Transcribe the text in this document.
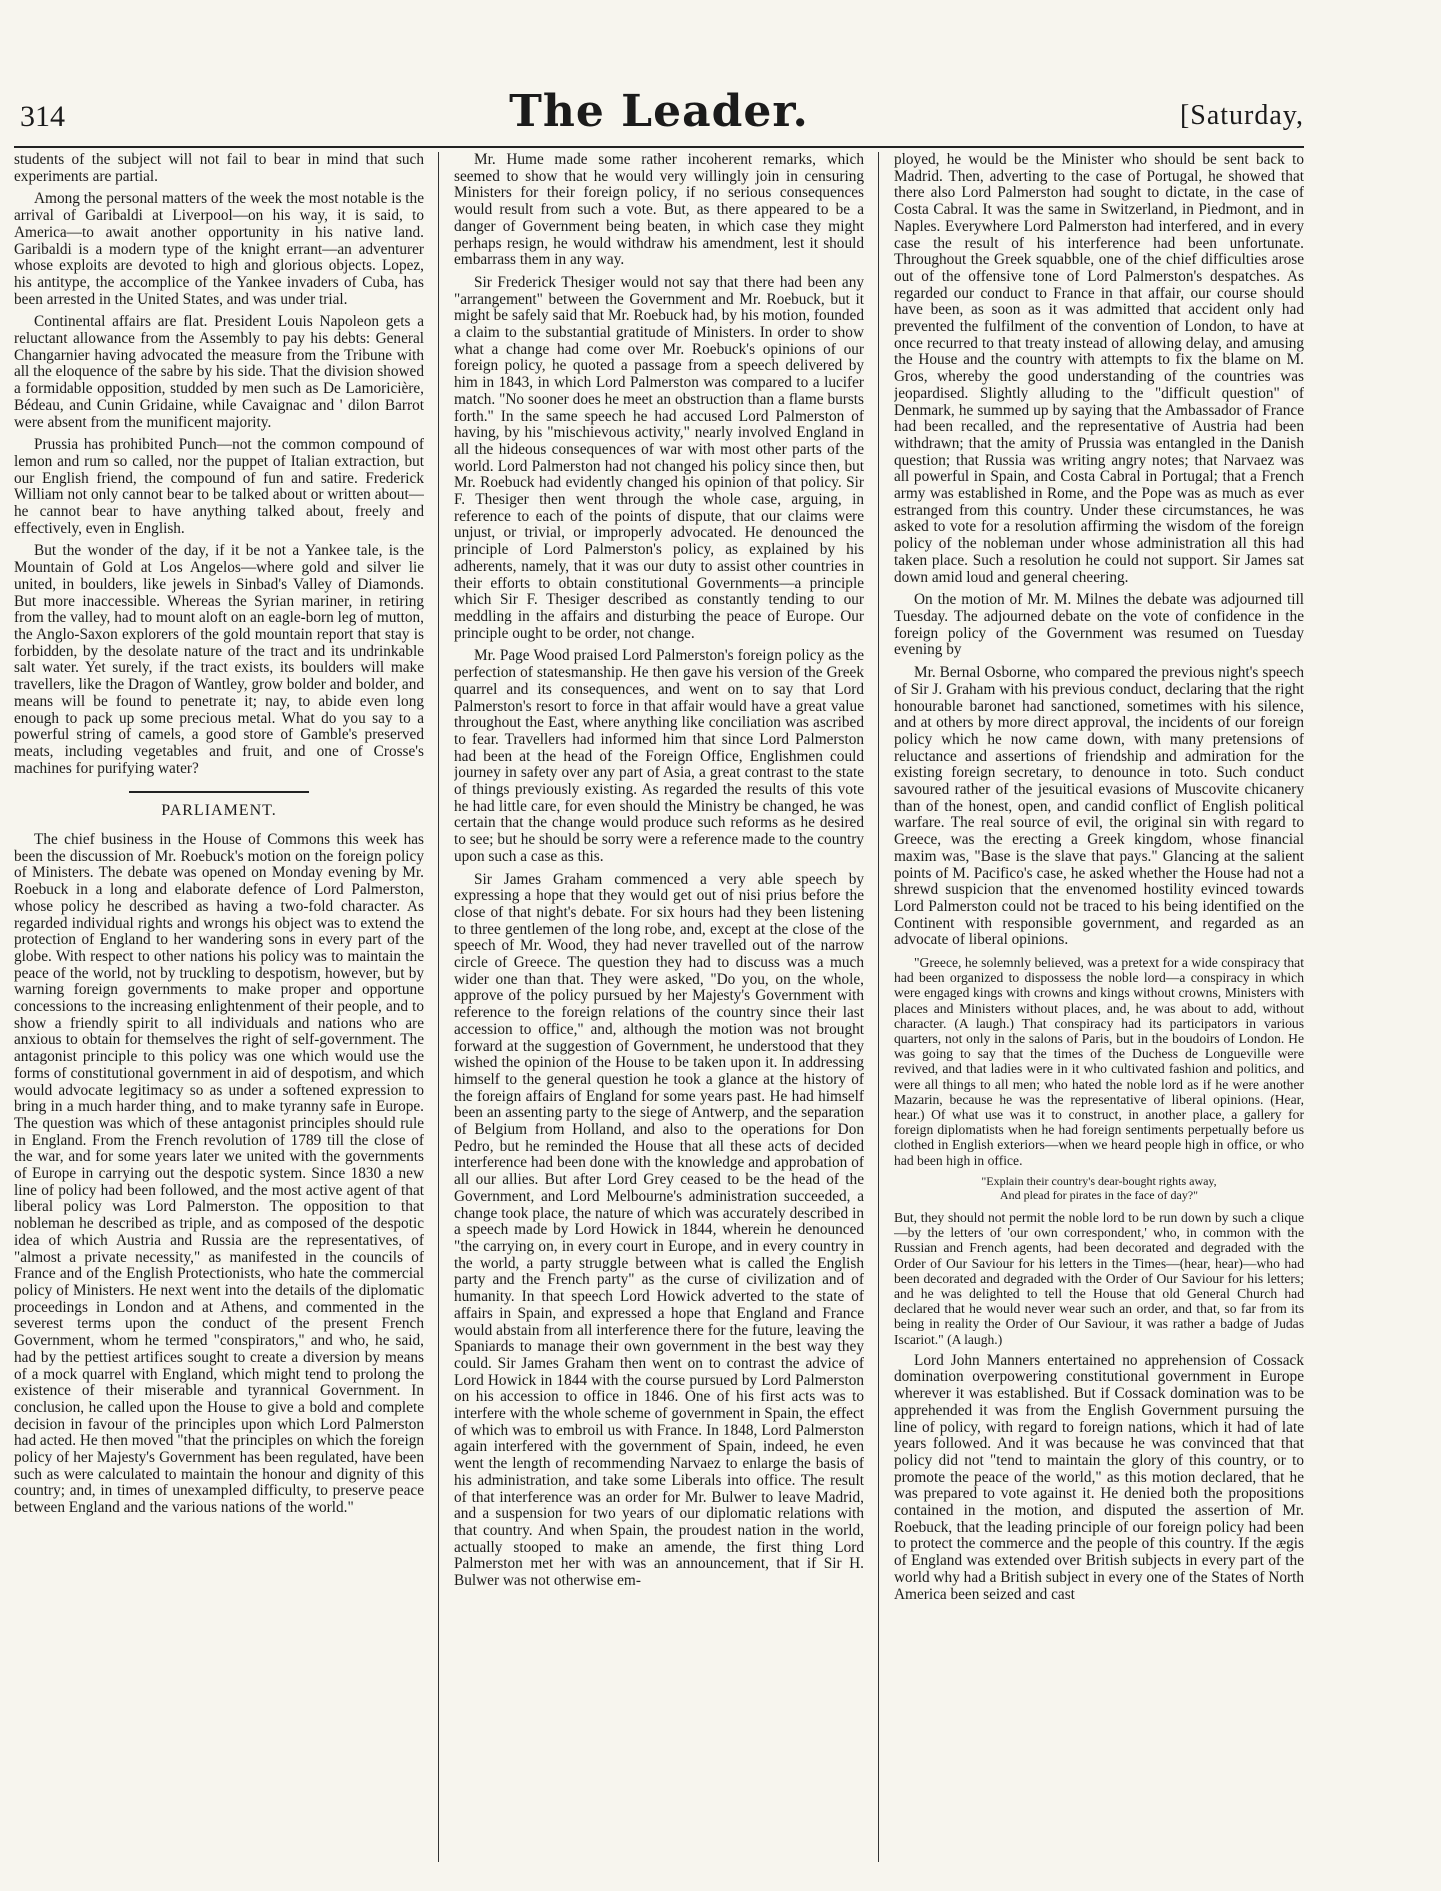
314	The Leader.	[Saturday,

students of the subject will not fail to bear in mind that such experiments are partial.

Among the personal matters of the week the most notable is the arrival of Garibaldi at Liverpool—on his way, it is said, to America—to await another opportunity in his native land. Garibaldi is a modern type of the knight errant—an adventurer whose exploits are devoted to high and glorious objects. Lopez, his antitype, the accomplice of the Yankee invaders of Cuba, has been arrested in the United States, and was under trial.

Continental affairs are flat. President Louis Napoleon gets a reluctant allowance from the Assembly to pay his debts: General Changarnier having advocated the measure from the Tribune with all the eloquence of the sabre by his side. That the division showed a formidable opposition, studded by men such as De Lamoricière, Bédeau, and Cunin Gridaine, while Cavaignac and ' dilon Barrot were absent from the munificent majority.

Prussia has prohibited Punch—not the common compound of lemon and rum so called, nor the puppet of Italian extraction, but our English friend, the compound of fun and satire. Frederick William not only cannot bear to be talked about or written about—he cannot bear to have anything talked about, freely and effectively, even in English.

But the wonder of the day, if it be not a Yankee tale, is the Mountain of Gold at Los Angelos—where gold and silver lie united, in boulders, like jewels in Sinbad's Valley of Diamonds. But more inaccessible. Whereas the Syrian mariner, in retiring from the valley, had to mount aloft on an eagle-born leg of mutton, the Anglo-Saxon explorers of the gold mountain report that stay is forbidden, by the desolate nature of the tract and its undrinkable salt water. Yet surely, if the tract exists, its boulders will make travellers, like the Dragon of Wantley, grow bolder and bolder, and means will be found to penetrate it; nay, to abide even long enough to pack up some precious metal. What do you say to a powerful string of camels, a good store of Gamble's preserved meats, including vegetables and fruit, and one of Crosse's machines for purifying water?

PARLIAMENT.

The chief business in the House of Commons this week has been the discussion of Mr. Roebuck's motion on the foreign policy of Ministers. The debate was opened on Monday evening by Mr. Roebuck in a long and elaborate defence of Lord Palmerston, whose policy he described as having a two-fold character. As regarded individual rights and wrongs his object was to extend the protection of England to her wandering sons in every part of the globe. With respect to other nations his policy was to maintain the peace of the world, not by truckling to despotism, however, but by warning foreign governments to make proper and opportune concessions to the increasing enlightenment of their people, and to show a friendly spirit to all individuals and nations who are anxious to obtain for themselves the right of self-government. The antagonist principle to this policy was one which would use the forms of constitutional government in aid of despotism, and which would advocate legitimacy so as under a softened expression to bring in a much harder thing, and to make tyranny safe in Europe. The question was which of these antagonist principles should rule in England. From the French revolution of 1789 till the close of the war, and for some years later we united with the governments of Europe in carrying out the despotic system. Since 1830 a new line of policy had been followed, and the most active agent of that liberal policy was Lord Palmerston. The opposition to that nobleman he described as triple, and as composed of the despotic idea of which Austria and Russia are the representatives, of "almost a private necessity," as manifested in the councils of France and of the English Protectionists, who hate the commercial policy of Ministers. He next went into the details of the diplomatic proceedings in London and at Athens, and commented in the severest terms upon the conduct of the present French Government, whom he termed "conspirators," and who, he said, had by the pettiest artifices sought to create a diversion by means of a mock quarrel with England, which might tend to prolong the existence of their miserable and tyrannical Government. In conclusion, he called upon the House to give a bold and complete decision in favour of the principles upon which Lord Palmerston had acted. He then moved "that the principles on which the foreign policy of her Majesty's Government has been regulated, have been such as were calculated to maintain the honour and dignity of this country; and, in times of unexampled difficulty, to preserve peace between England and the various nations of the world."

Mr. Hume made some rather incoherent remarks, which seemed to show that he would very willingly join in censuring Ministers for their foreign policy, if no serious consequences would result from such a vote. But, as there appeared to be a danger of Government being beaten, in which case they might perhaps resign, he would withdraw his amendment, lest it should embarrass them in any way.

Sir Frederick Thesiger would not say that there had been any "arrangement" between the Government and Mr. Roebuck, but it might be safely said that Mr. Roebuck had, by his motion, founded a claim to the substantial gratitude of Ministers. In order to show what a change had come over Mr. Roebuck's opinions of our foreign policy, he quoted a passage from a speech delivered by him in 1843, in which Lord Palmerston was compared to a lucifer match. "No sooner does he meet an obstruction than a flame bursts forth." In the same speech he had accused Lord Palmerston of having, by his "mischievous activity," nearly involved England in all the hideous consequences of war with most other parts of the world. Lord Palmerston had not changed his policy since then, but Mr. Roebuck had evidently changed his opinion of that policy. Sir F. Thesiger then went through the whole case, arguing, in reference to each of the points of dispute, that our claims were unjust, or trivial, or improperly advocated. He denounced the principle of Lord Palmerston's policy, as explained by his adherents, namely, that it was our duty to assist other countries in their efforts to obtain constitutional Governments—a principle which Sir F. Thesiger described as constantly tending to our meddling in the affairs and disturbing the peace of Europe. Our principle ought to be order, not change.

Mr. Page Wood praised Lord Palmerston's foreign policy as the perfection of statesmanship. He then gave his version of the Greek quarrel and its consequences, and went on to say that Lord Palmerston's resort to force in that affair would have a great value throughout the East, where anything like conciliation was ascribed to fear. Travellers had informed him that since Lord Palmerston had been at the head of the Foreign Office, Englishmen could journey in safety over any part of Asia, a great contrast to the state of things previously existing. As regarded the results of this vote he had little care, for even should the Ministry be changed, he was certain that the change would produce such reforms as he desired to see; but he should be sorry were a reference made to the country upon such a case as this.

Sir James Graham commenced a very able speech by expressing a hope that they would get out of nisi prius before the close of that night's debate. For six hours had they been listening to three gentlemen of the long robe, and, except at the close of the speech of Mr. Wood, they had never travelled out of the narrow circle of Greece. The question they had to discuss was a much wider one than that. They were asked, "Do you, on the whole, approve of the policy pursued by her Majesty's Government with reference to the foreign relations of the country since their last accession to office," and, although the motion was not brought forward at the suggestion of Government, he understood that they wished the opinion of the House to be taken upon it. In addressing himself to the general question he took a glance at the history of the foreign affairs of England for some years past. He had himself been an assenting party to the siege of Antwerp, and the separation of Belgium from Holland, and also to the operations for Don Pedro, but he reminded the House that all these acts of decided interference had been done with the knowledge and approbation of all our allies. But after Lord Grey ceased to be the head of the Government, and Lord Melbourne's administration succeeded, a change took place, the nature of which was accurately described in a speech made by Lord Howick in 1844, wherein he denounced "the carrying on, in every court in Europe, and in every country in the world, a party struggle between what is called the English party and the French party" as the curse of civilization and of humanity. In that speech Lord Howick adverted to the state of affairs in Spain, and expressed a hope that England and France would abstain from all interference there for the future, leaving the Spaniards to manage their own government in the best way they could. Sir James Graham then went on to contrast the advice of Lord Howick in 1844 with the course pursued by Lord Palmerston on his accession to office in 1846. One of his first acts was to interfere with the whole scheme of government in Spain, the effect of which was to embroil us with France. In 1848, Lord Palmerston again interfered with the government of Spain, indeed, he even went the length of recommending Narvaez to enlarge the basis of his administration, and take some Liberals into office. The result of that interference was an order for Mr. Bulwer to leave Madrid, and a suspension for two years of our diplomatic relations with that country. And when Spain, the proudest nation in the world, actually stooped to make an amende, the first thing Lord Palmerston met her with was an announcement, that if Sir H. Bulwer was not otherwise em-

ployed, he would be the Minister who should be sent back to Madrid. Then, adverting to the case of Portugal, he showed that there also Lord Palmerston had sought to dictate, in the case of Costa Cabral. It was the same in Switzerland, in Piedmont, and in Naples. Everywhere Lord Palmerston had interfered, and in every case the result of his interference had been unfortunate. Throughout the Greek squabble, one of the chief difficulties arose out of the offensive tone of Lord Palmerston's despatches. As regarded our conduct to France in that affair, our course should have been, as soon as it was admitted that accident only had prevented the fulfilment of the convention of London, to have at once recurred to that treaty instead of allowing delay, and amusing the House and the country with attempts to fix the blame on M. Gros, whereby the good understanding of the countries was jeopardised. Slightly alluding to the "difficult question" of Denmark, he summed up by saying that the Ambassador of France had been recalled, and the representative of Austria had been withdrawn; that the amity of Prussia was entangled in the Danish question; that Russia was writing angry notes; that Narvaez was all powerful in Spain, and Costa Cabral in Portugal; that a French army was established in Rome, and the Pope was as much as ever estranged from this country. Under these circumstances, he was asked to vote for a resolution affirming the wisdom of the foreign policy of the nobleman under whose administration all this had taken place. Such a resolution he could not support. Sir James sat down amid loud and general cheering.

On the motion of Mr. M. Milnes the debate was adjourned till Tuesday. The adjourned debate on the vote of confidence in the foreign policy of the Government was resumed on Tuesday evening by

Mr. Bernal Osborne, who compared the previous night's speech of Sir J. Graham with his previous conduct, declaring that the right honourable baronet had sanctioned, sometimes with his silence, and at others by more direct approval, the incidents of our foreign policy which he now came down, with many pretensions of reluctance and assertions of friendship and admiration for the existing foreign secretary, to denounce in toto. Such conduct savoured rather of the jesuitical evasions of Muscovite chicanery than of the honest, open, and candid conflict of English political warfare. The real source of evil, the original sin with regard to Greece, was the erecting a Greek kingdom, whose financial maxim was, "Base is the slave that pays." Glancing at the salient points of M. Pacifico's case, he asked whether the House had not a shrewd suspicion that the envenomed hostility evinced towards Lord Palmerston could not be traced to his being identified on the Continent with responsible government, and regarded as an advocate of liberal opinions.

"Greece, he solemnly believed, was a pretext for a wide conspiracy that had been organized to dispossess the noble lord—a conspiracy in which were engaged kings with crowns and kings without crowns, Ministers with places and Ministers without places, and, he was about to add, without character. (A laugh.) That conspiracy had its participators in various quarters, not only in the salons of Paris, but in the boudoirs of London. He was going to say that the times of the Duchess de Longueville were revived, and that ladies were in it who cultivated fashion and politics, and were all things to all men; who hated the noble lord as if he were another Mazarin, because he was the representative of liberal opinions. (Hear, hear.) Of what use was it to construct, in another place, a gallery for foreign diplomatists when he had foreign sentiments perpetually before us clothed in English exteriors—when we heard people high in office, or who had been high in office.

"Explain their country's dear-bought rights away,
And plead for pirates in the face of day?"

But, they should not permit the noble lord to be run down by such a clique—by the letters of 'our own correspondent,' who, in common with the Russian and French agents, had been decorated and degraded with the Order of Our Saviour for his letters in the Times—(hear, hear)—who had been decorated and degraded with the Order of Our Saviour for his letters; and he was delighted to tell the House that old General Church had declared that he would never wear such an order, and that, so far from its being in reality the Order of Our Saviour, it was rather a badge of Judas Iscariot." (A laugh.)

Lord John Manners entertained no apprehension of Cossack domination overpowering constitutional government in Europe wherever it was established. But if Cossack domination was to be apprehended it was from the English Government pursuing the line of policy, with regard to foreign nations, which it had of late years followed. And it was because he was convinced that that policy did not "tend to maintain the glory of this country, or to promote the peace of the world," as this motion declared, that he was prepared to vote against it. He denied both the propositions contained in the motion, and disputed the assertion of Mr. Roebuck, that the leading principle of our foreign policy had been to protect the commerce and the people of this country. If the ægis of England was extended over British subjects in every part of the world why had a British subject in every one of the States of North America been seized and cast
